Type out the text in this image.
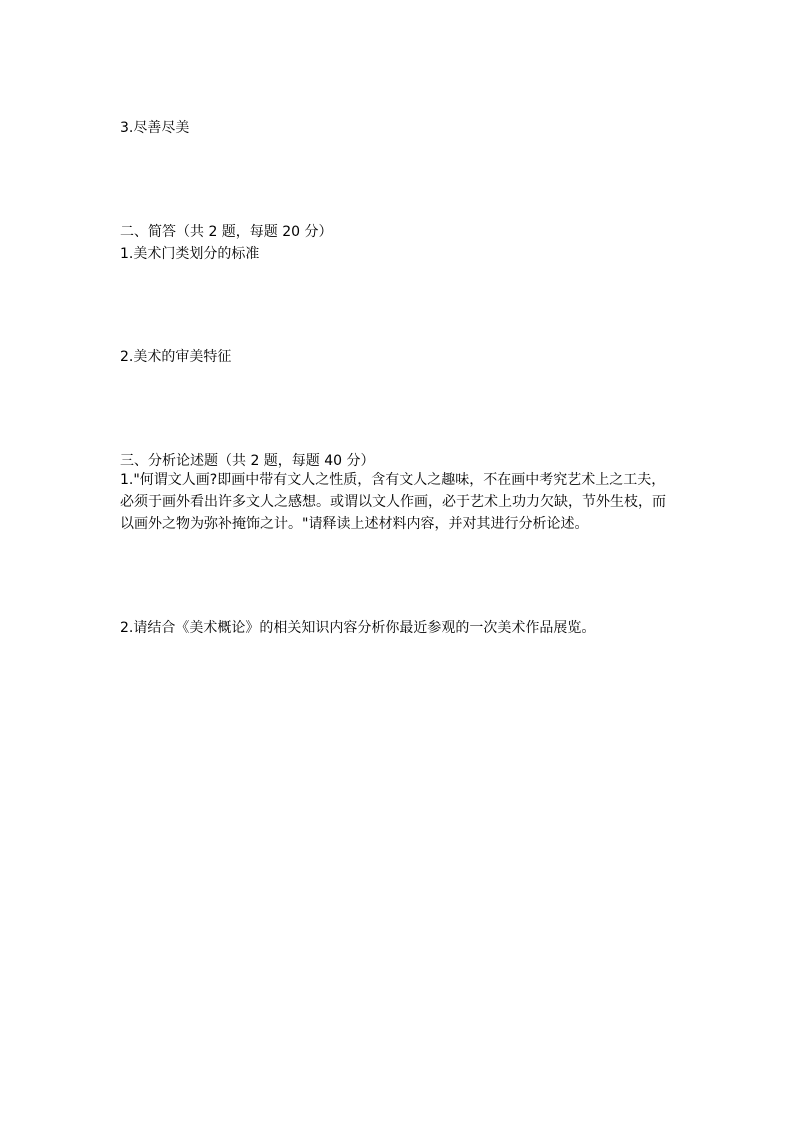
3.尽善尽美

二、简答（共 2 题，每题 20 分）

1.美术门类划分的标准

2.美术的审美特征

三、分析论述题（共 2 题，每题 40 分）

1."何谓文人画?即画中带有文人之性质，含有文人之趣味，不在画中考究艺术上之工夫，

必须于画外看出许多文人之感想。或谓以文人作画，必于艺术上功力欠缺，节外生枝，而

以画外之物为弥补掩饰之计。"请释读上述材料内容，并对其进行分析论述。

2.请结合《美术概论》的相关知识内容分析你最近参观的一次美术作品展览。
